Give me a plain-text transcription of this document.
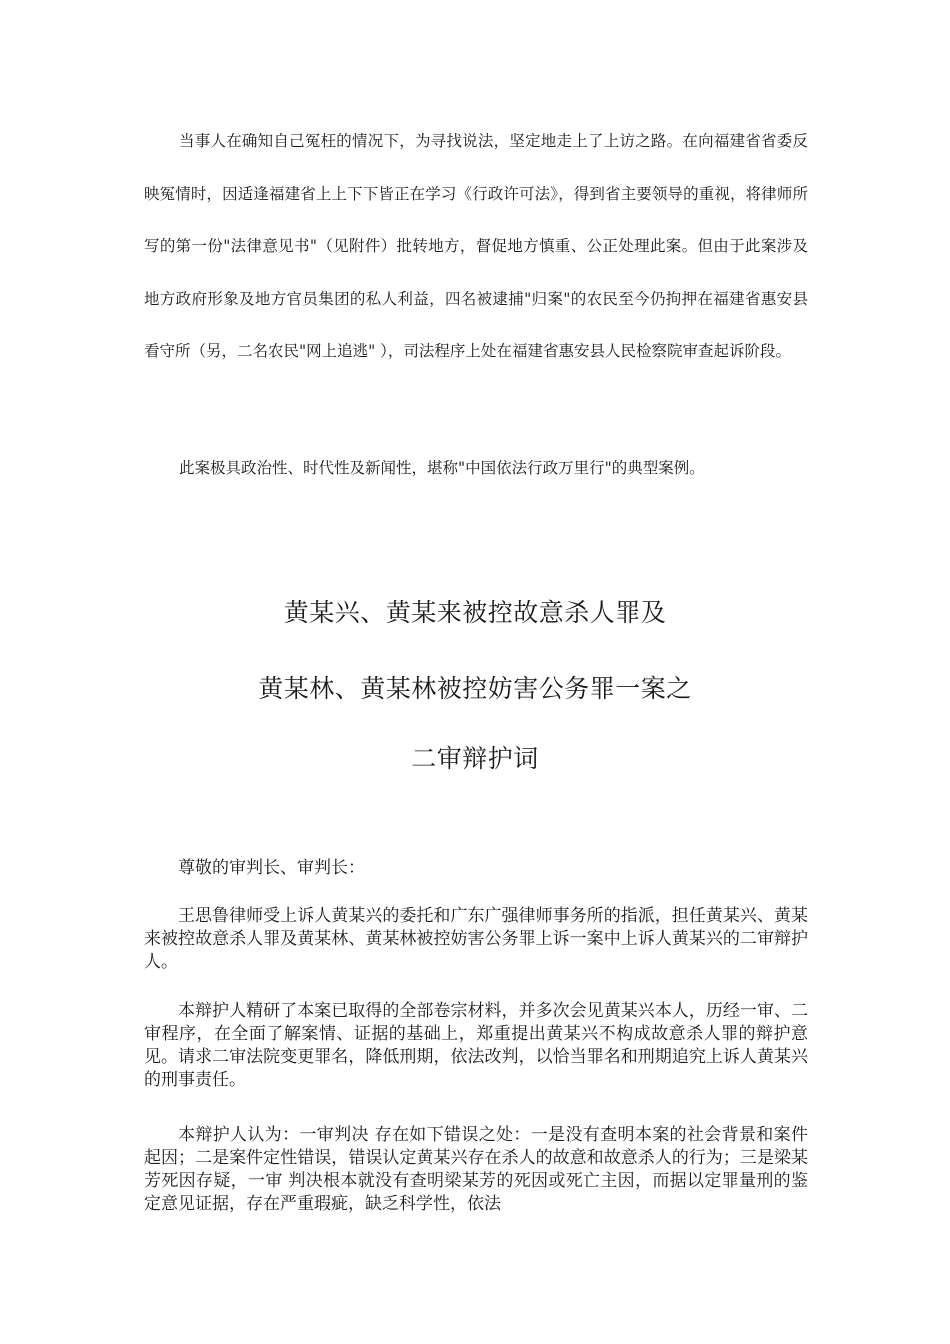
当事人在确知自己冤枉的情况下，为寻找说法，坚定地走上了上访之路。在向福建省省委反映冤情时，因适逢福建省上上下下皆正在学习《行政许可法》，得到省主要领导的重视，将律师所写的第一份"法律意见书"（见附件）批转地方，督促地方慎重、公正处理此案。但由于此案涉及地方政府形象及地方官员集团的私人利益，四名被逮捕"归案"的农民至今仍拘押在福建省惠安县看守所（另，二名农民"网上追逃" ），司法程序上处在福建省惠安县人民检察院审查起诉阶段。

此案极具政治性、时代性及新闻性，堪称"中国依法行政万里行"的典型案例。

黄某兴、黄某来被控故意杀人罪及
黄某林、黄某林被控妨害公务罪一案之
二审辩护词

尊敬的审判长、审判长：

王思鲁律师受上诉人黄某兴的委托和广东广强律师事务所的指派，担任黄某兴、黄某来被控故意杀人罪及黄某林、黄某林被控妨害公务罪上诉一案中上诉人黄某兴的二审辩护人。

本辩护人精研了本案已取得的全部卷宗材料，并多次会见黄某兴本人，历经一审、二审程序，在全面了解案情、证据的基础上，郑重提出黄某兴不构成故意杀人罪的辩护意见。请求二审法院变更罪名，降低刑期，依法改判，以恰当罪名和刑期追究上诉人黄某兴的刑事责任。

本辩护人认为：一审判决 存在如下错误之处：一是没有查明本案的社会背景和案件起因；二是案件定性错误，错误认定黄某兴存在杀人的故意和故意杀人的行为；三是梁某芳死因存疑，一审 判决根本就没有查明梁某芳的死因或死亡主因，而据以定罪量刑的鉴定意见证据，存在严重瑕疵，缺乏科学性，依法
